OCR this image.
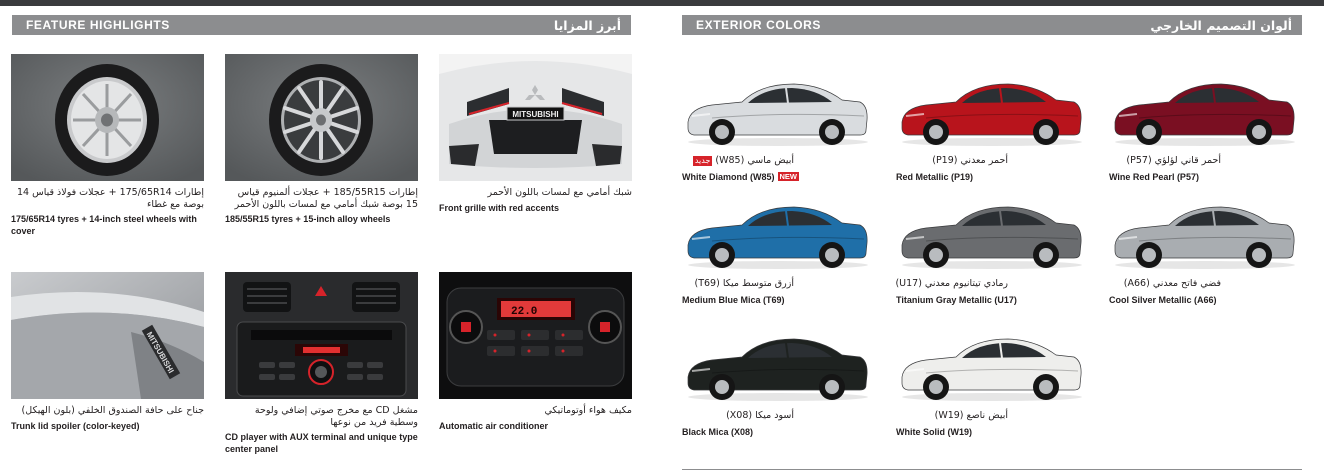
FEATURE HIGHLIGHTS	أبرز المزايا	EXTERIOR COLORS	ألوان التصميم الخارجي
إطارات 175/65R14 + عجلات فولاذ قياس 14 بوصة مع غطاء
175/65R14 tyres + 14-inch steel wheels with cover
إطارات 185/55R15 + عجلات ألمنيوم قياس 15 بوصة شبك أمامي مع لمسات باللون الأحمر
185/55R15 tyres + 15-inch alloy wheels
MITSUBISHI
شبك أمامي مع لمسات باللون الأحمر
Front grille with red accents
MITSUBISHI
جناح على حافة الصندوق الخلفي (بلون الهيكل)
Trunk lid spoiler (color-keyed)
مشغل CD مع مخرج صوتي إضافي ولوحة وسطية فريد من نوعها
CD player with AUX terminal and unique type center panel
22.0
مكيف هواء أوتوماتيكي
Automatic air conditioner
أبيض ماسي (W85)جديد
White Diamond (W85) NEW
أحمر معدني (P19)
Red Metallic (P19)
أحمر قاني لؤلؤي (P57)
Wine Red Pearl (P57)
أزرق متوسط ميكا (T69)
Medium Blue Mica (T69)
رمادي تيتانيوم معدني (U17)
Titanium Gray Metallic (U17)
فضي فاتح معدني (A66)
Cool Silver Metallic (A66)
أسود ميكا (X08)
Black Mica (X08)
أبيض ناصع (W19)
White Solid (W19)
